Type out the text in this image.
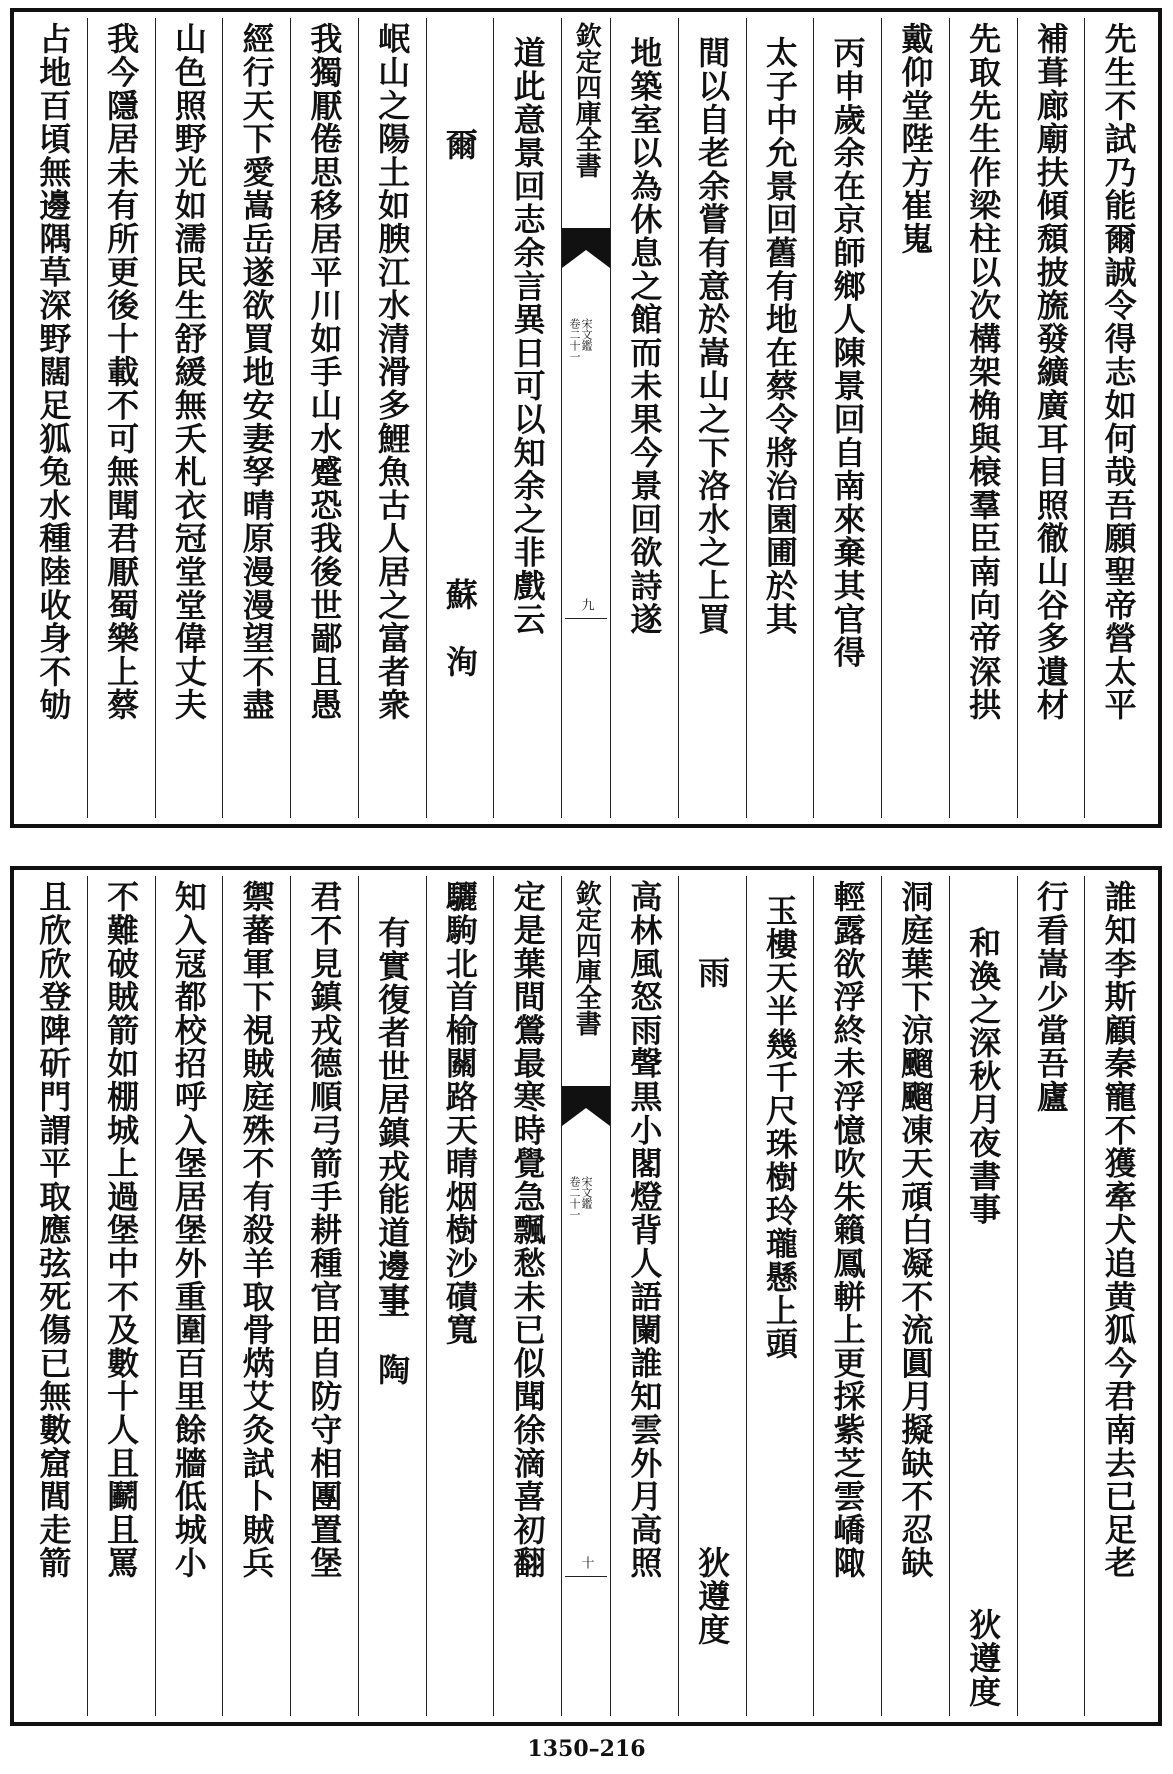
先生不試乃能爾誠令得志如何哉吾願聖帝營太平
補葺廊廟扶傾頹披旒發纊廣耳目照徹山谷多遺材
先取先生作梁柱以次構架桷與榱羣臣南向帝深拱
戴仰堂陛方崔嵬
丙申歲余在京師鄉人陳景回自南來棄其官得
太子中允景回舊有地在蔡令將治園圃於其
間以自老余嘗有意於嵩山之下洛水之上買
地築室以為休息之館而未果今景回欲詩遂
欽定四庫全書
宋文鑑
卷二十一
九
道此意景回志余言異日可以知余之非戲云
爾
蘇　洵
岷山之陽土如腴江水清滑多鯉魚古人居之富者衆
我獨厭倦思移居平川如手山水蹙恐我後世鄙且愚
經行天下愛嵩岳遂欲買地安妻孥晴原漫漫望不盡
山色照野光如濡民生舒緩無夭札衣冠堂堂偉丈夫
我今隱居未有所更後十載不可無聞君厭蜀樂上蔡
占地百頃無邊隅草深野闊足狐兔水種陸收身不劬
誰知李斯顧秦寵不獲牽犬追黄狐今君南去已足老
行看嵩少當吾廬
和渙之深秋月夜書事
狄遵度
洞庭葉下涼飀飀凍天頑白凝不流圓月擬缺不忍缺
輕露欲浮終未浮憶吹朱籟鳳軿上更採紫芝雲嶠陬
玉樓天半幾千尺珠樹玲瓏懸上頭
雨
狄遵度
高林風怒雨聲黒小閣燈背人語闌誰知雲外月高照
欽定四庫全書
宋文鑑
卷二十一
十
定是葉間鶯最寒時覺急飄愁未已似聞徐滴喜初翻
驪駒北首榆關路天晴烟樹沙磧寬
有實復者世居鎮戎能道邊事
王　陶
君不見鎮戎德順弓箭手耕種官田自防守相團置堡
禦蕃軍下視賊庭殊不有殺羊取骨焫艾灸試卜賊兵
知入冦都校招呼入堡居堡外重圍百里餘牆低城小
不難破賊箭如棚城上過堡中不及數十人且鬬且罵
且欣欣登陴斫門謂平取應弦死傷已無數窟閭走箭
1350–216
